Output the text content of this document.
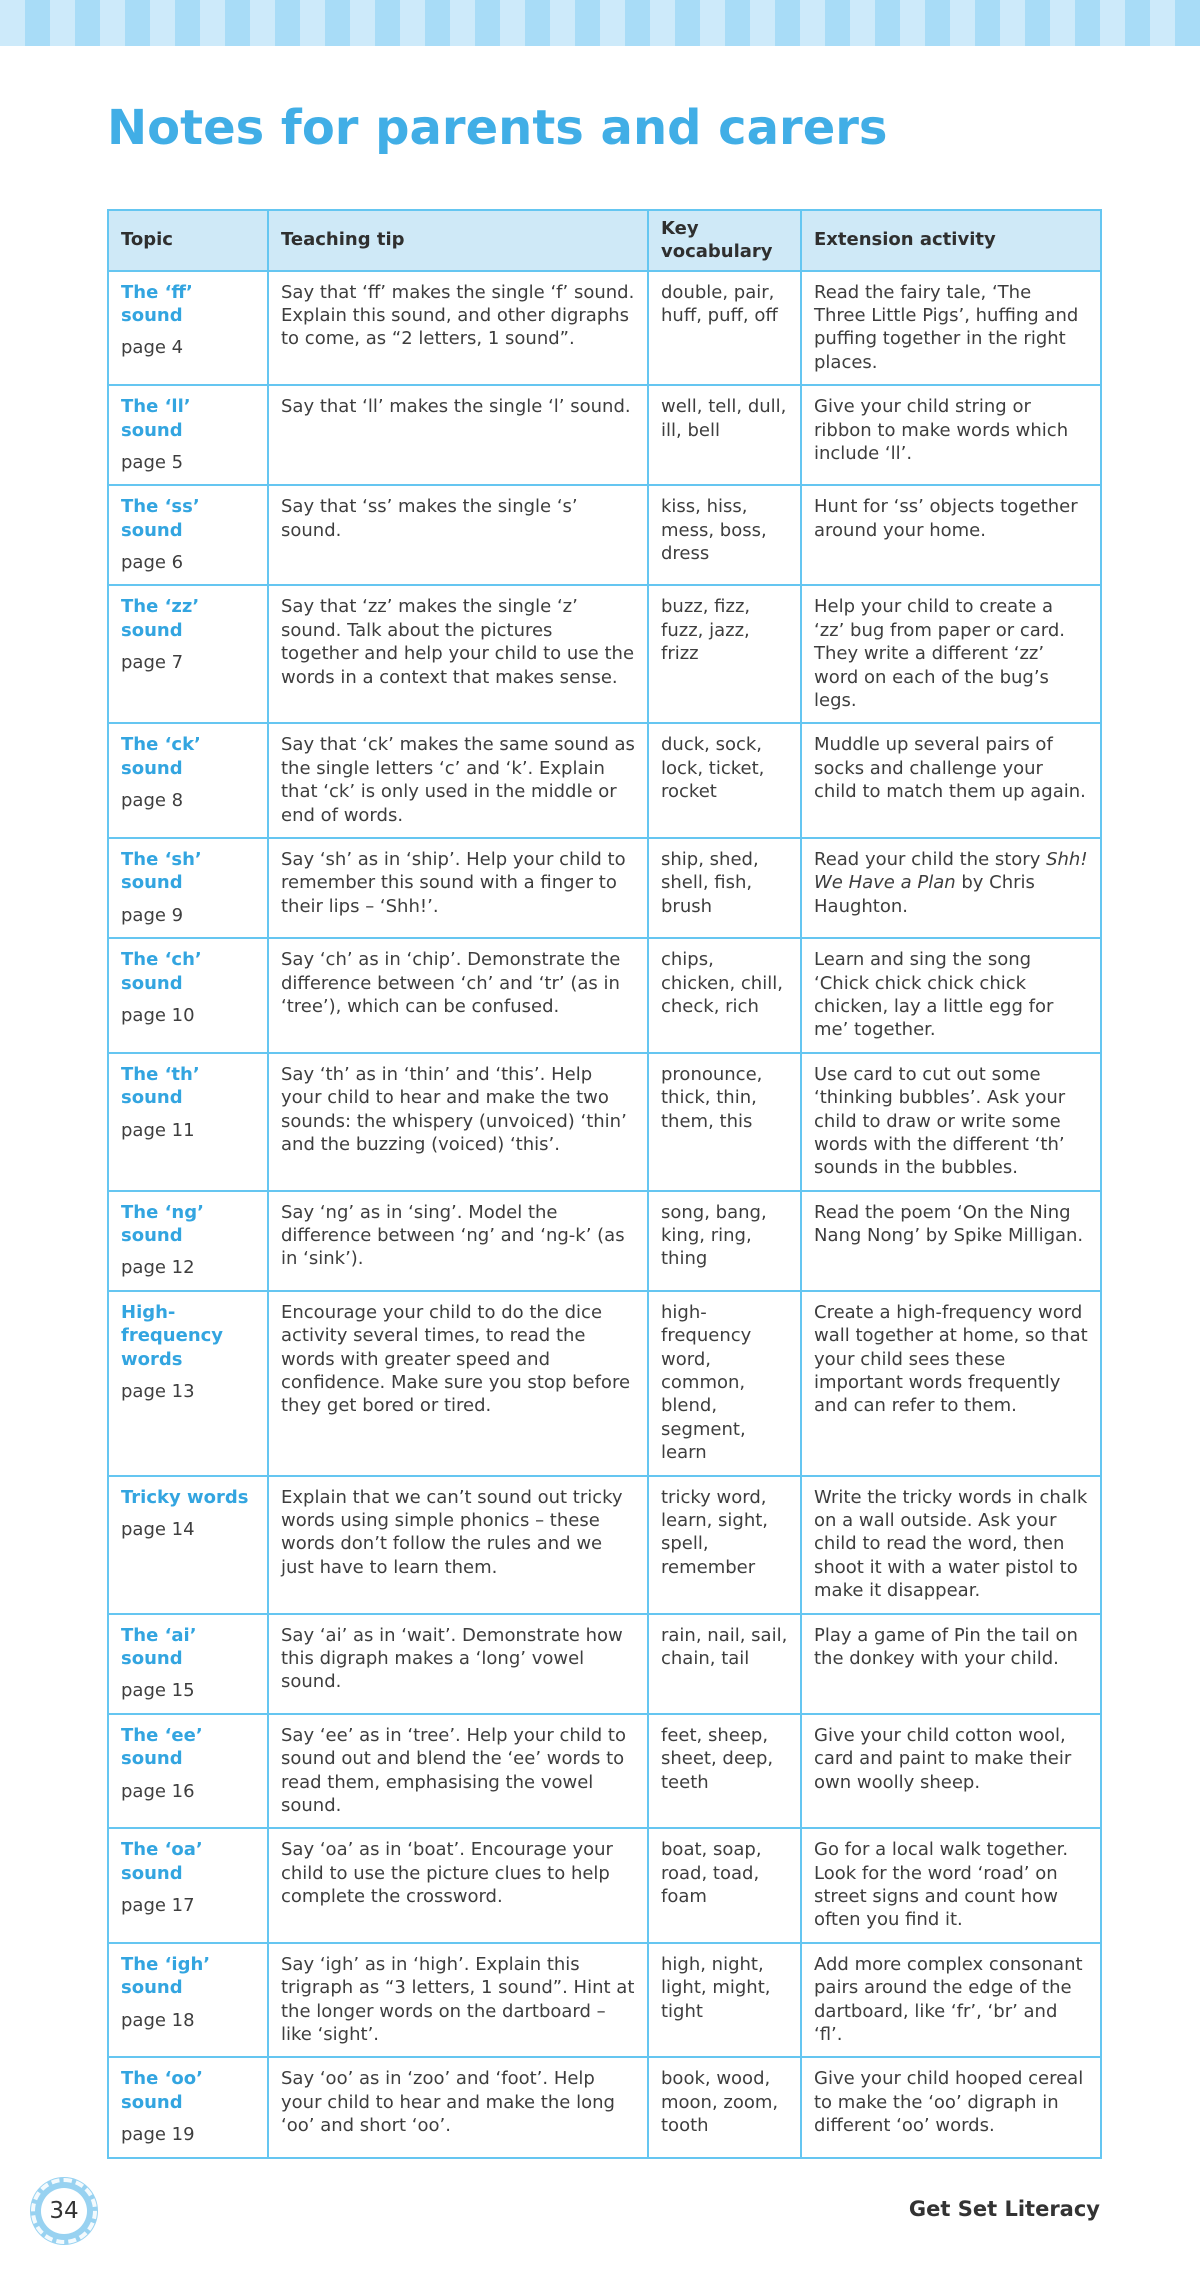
Notes for parents and carers
Topic	Teaching tip	Key vocabulary	Extension activity

The ‘ff’ sound
page 4	Say that ‘ff’ makes the single ‘f’ sound. Explain this sound, and other digraphs to come, as “2 letters, 1 sound”.	double, pair, huff, puff, off	Read the fairy tale, ‘The Three Little Pigs’, huffing and puffing together in the right places.

The ‘ll’ sound
page 5	Say that ‘ll’ makes the single ‘l’ sound.	well, tell, dull, ill, bell	Give your child string or ribbon to make words which include ‘ll’.

The ‘ss’ sound
page 6	Say that ‘ss’ makes the single ‘s’ sound.	kiss, hiss, mess, boss, dress	Hunt for ‘ss’ objects together around your home.

The ‘zz’ sound
page 7	Say that ‘zz’ makes the single ‘z’ sound. Talk about the pictures together and help your child to use the words in a context that makes sense.	buzz, fizz, fuzz, jazz, frizz	Help your child to create a ‘zz’ bug from paper or card. They write a different ‘zz’ word on each of the bug’s legs.

The ‘ck’ sound
page 8	Say that ‘ck’ makes the same sound as the single letters ‘c’ and ‘k’. Explain that ‘ck’ is only used in the middle or end of words.	duck, sock, lock, ticket, rocket	Muddle up several pairs of socks and challenge your child to match them up again.

The ‘sh’ sound
page 9	Say ‘sh’ as in ‘ship’. Help your child to remember this sound with a finger to their lips – ‘Shh!’.	ship, shed, shell, fish, brush	Read your child the story Shh! We Have a Plan by Chris Haughton.

The ‘ch’ sound
page 10	Say ‘ch’ as in ‘chip’. Demonstrate the difference between ‘ch’ and ‘tr’ (as in ‘tree’), which can be confused.	chips, chicken, chill, check, rich	Learn and sing the song ‘Chick chick chick chick chicken, lay a little egg for me’ together.

The ‘th’ sound
page 11	Say ‘th’ as in ‘thin’ and ‘this’. Help your child to hear and make the two sounds: the whispery (unvoiced) ‘thin’ and the buzzing (voiced) ‘this’.	pronounce, thick, thin, them, this	Use card to cut out some ‘thinking bubbles’. Ask your child to draw or write some words with the different ‘th’ sounds in the bubbles.

The ‘ng’ sound
page 12	Say ‘ng’ as in ‘sing’. Model the difference between ‘ng’ and ‘ng-k’ (as in ‘sink’).	song, bang, king, ring, thing	Read the poem ‘On the Ning Nang Nong’ by Spike Milligan.

High-frequency words
page 13	Encourage your child to do the dice activity several times, to read the words with greater speed and confidence. Make sure you stop before they get bored or tired.	high-frequency word, common, blend, segment, learn	Create a high-frequency word wall together at home, so that your child sees these important words frequently and can refer to them.

Tricky words
page 14	Explain that we can’t sound out tricky words using simple phonics – these words don’t follow the rules and we just have to learn them.	tricky word, learn, sight, spell, remember	Write the tricky words in chalk on a wall outside. Ask your child to read the word, then shoot it with a water pistol to make it disappear.

The ‘ai’ sound
page 15	Say ‘ai’ as in ‘wait’. Demonstrate how this digraph makes a ‘long’ vowel sound.	rain, nail, sail, chain, tail	Play a game of Pin the tail on the donkey with your child.

The ‘ee’ sound
page 16	Say ‘ee’ as in ‘tree’. Help your child to sound out and blend the ‘ee’ words to read them, emphasising the vowel sound.	feet, sheep, sheet, deep, teeth	Give your child cotton wool, card and paint to make their own woolly sheep.

The ‘oa’ sound
page 17	Say ‘oa’ as in ‘boat’. Encourage your child to use the picture clues to help complete the crossword.	boat, soap, road, toad, foam	Go for a local walk together. Look for the word ‘road’ on street signs and count how often you find it.

The ‘igh’ sound
page 18	Say ‘igh’ as in ‘high’. Explain this trigraph as “3 letters, 1 sound”. Hint at the longer words on the dartboard – like ‘sight’.	high, night, light, might, tight	Add more complex consonant pairs around the edge of the dartboard, like ‘fr’, ‘br’ and ‘fl’.

The ‘oo’ sound
page 19	Say ‘oo’ as in ‘zoo’ and ‘foot’. Help your child to hear and make the long ‘oo’ and short ‘oo’.	book, wood, moon, zoom, tooth	Give your child hooped cereal to make the ‘oo’ digraph in different ‘oo’ words.
34	Get Set Literacy
